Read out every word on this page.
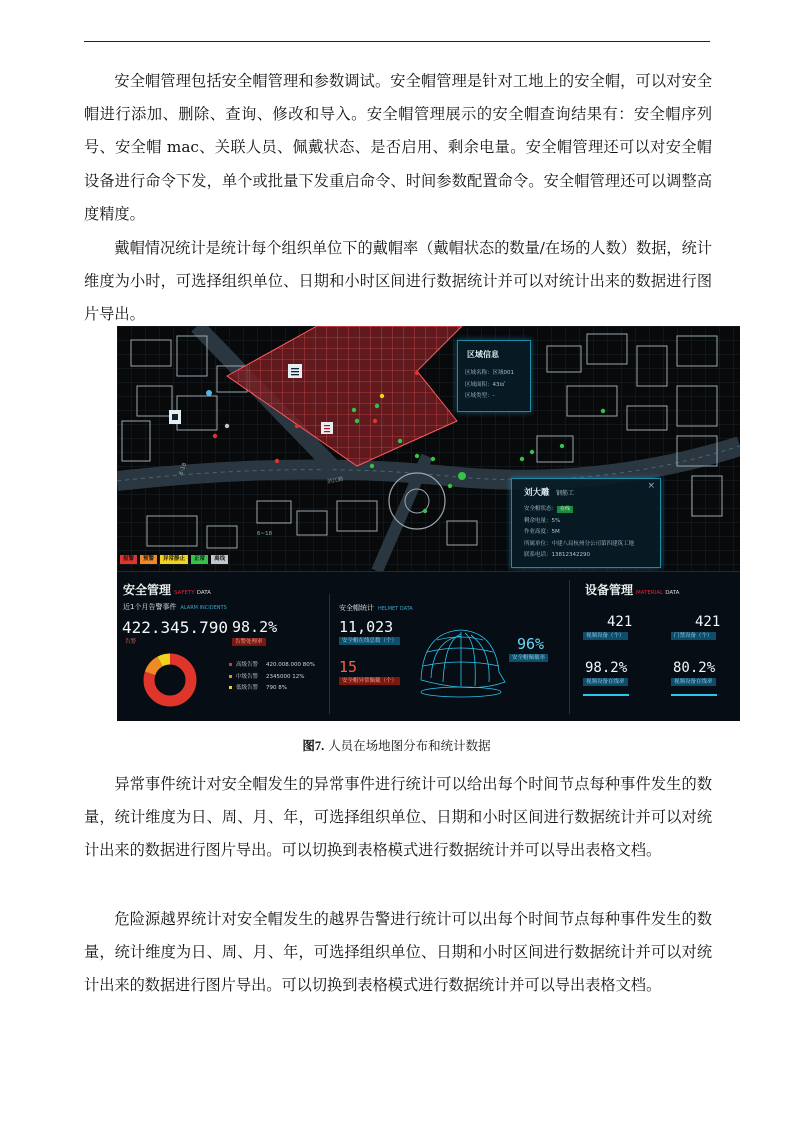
安全帽管理包括安全帽管理和参数调试。安全帽管理是针对工地上的安全帽，可以对安全帽进行添加、删除、查询、修改和导入。安全帽管理展示的安全帽查询结果有：安全帽序列号、安全帽 mac、关联人员、佩戴状态、是否启用、剩余电量。安全帽管理还可以对安全帽设备进行命令下发，单个或批量下发重启命令、时间参数配置命令。安全帽管理还可以调整高度精度。

戴帽情况统计是统计每个组织单位下的戴帽率（戴帽状态的数量/在场的人数）数据，统计维度为小时，可选择组织单位、日期和小时区间进行数据统计并可以对统计出来的数据进行图片导出。

滨江路
6~18
6-18
区域信息
区域名称：区域001
区域面积：43㎡
区域类型：-
×
刘大雕 钢筋工
安全帽状态： 在线
剩余电量：5%
作业高度：5M
所属单位：中建八局杭州分公司第四建筑工地
联系电话：13812342290
报警	预警	异常静止	正常	离线
安全管理 SAFETY DATA
近1个月告警事件 ALARM INCIDENTS
422.345.790
告警
98.2%
告警处理率
高级告警 420.008.000 80%
中级告警 2345000 12%
低级告警 790 8%
安全帽统计 HELMET DATA
11,023
安全帽在线总数（个）
15
安全帽异常佩戴（个）
96%
安全帽佩戴率
设备管理 MATERIAL DATA
421
视频设备（个）
421
门禁设备（个）
98.2%
视频设备在线率
80.2%
视频设备在线率
图7. 人员在场地图分布和统计数据

异常事件统计对安全帽发生的异常事件进行统计可以给出每个时间节点每种事件发生的数量，统计维度为日、周、月、年，可选择组织单位、日期和小时区间进行数据统计并可以对统计出来的数据进行图片导出。可以切换到表格模式进行数据统计并可以导出表格文档。

危险源越界统计对安全帽发生的越界告警进行统计可以出每个时间节点每种事件发生的数量，统计维度为日、周、月、年，可选择组织单位、日期和小时区间进行数据统计并可以对统计出来的数据进行图片导出。可以切换到表格模式进行数据统计并可以导出表格文档。
